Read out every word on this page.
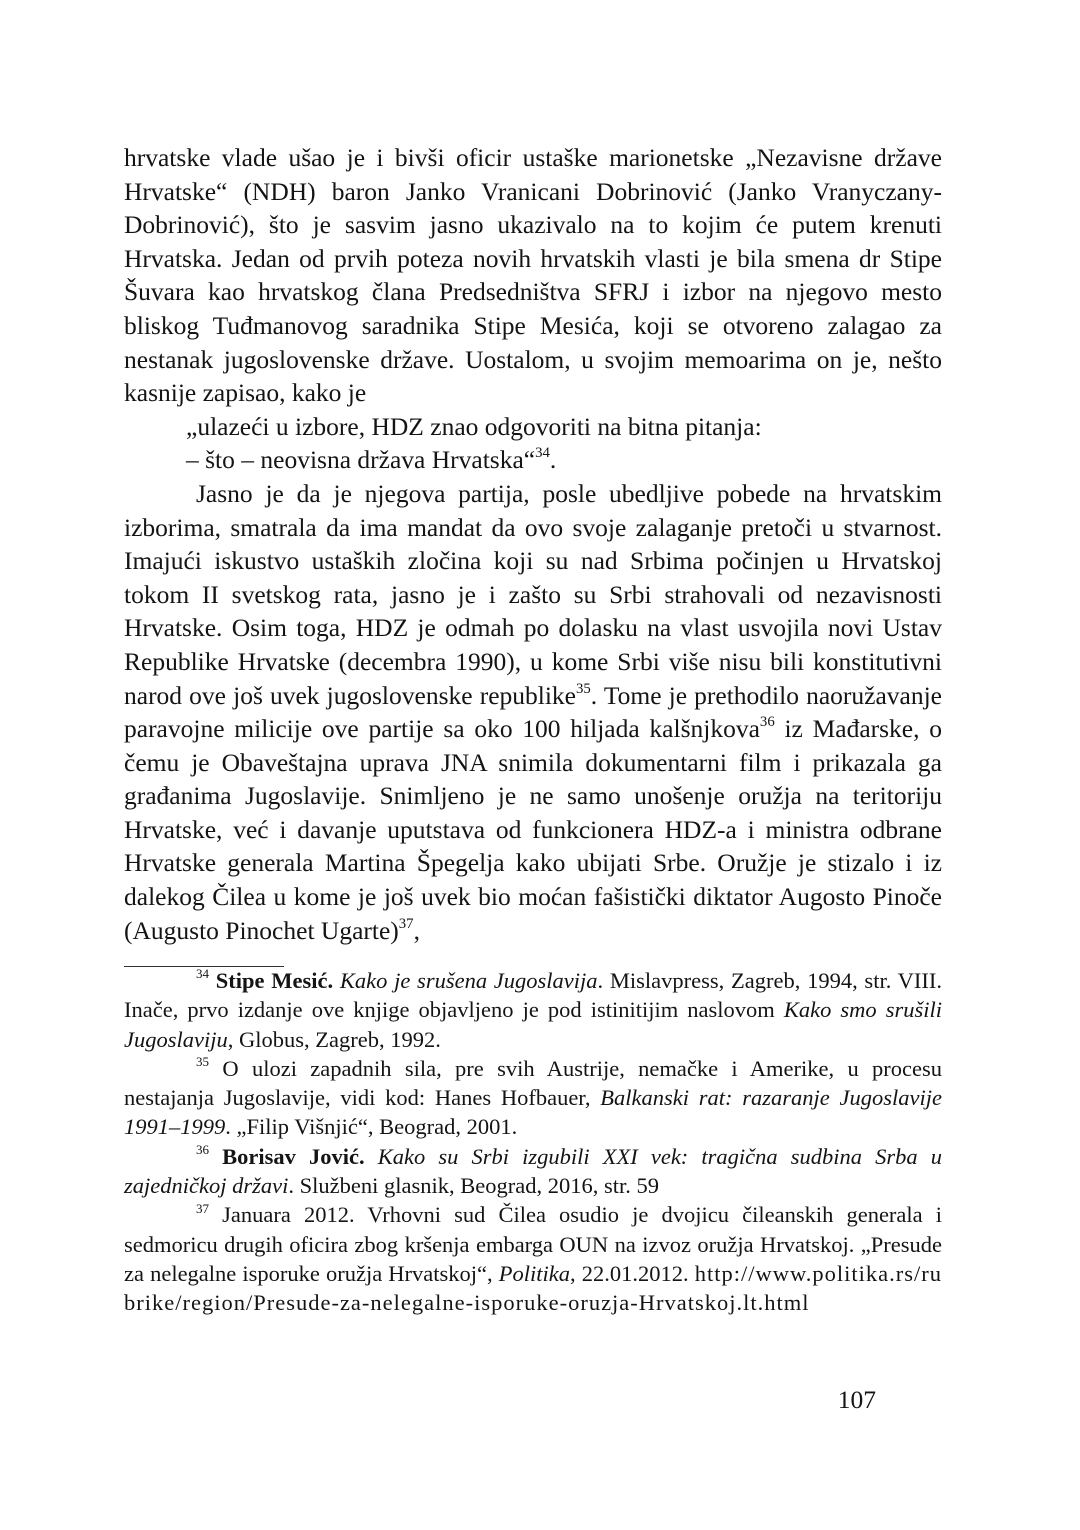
hrvatske vlade ušao je i bivši oficir ustaške marionetske „Nezavisne države Hrvatske“ (NDH) baron Janko Vranicani Dobrinović (Janko Vranyczany-Dobrinović), što je sasvim jasno ukazivalo na to kojim će putem krenuti Hrvatska. Jedan od prvih poteza novih hrvatskih vlasti je bila smena dr Stipe Šuvara kao hrvatskog člana Predsedništva SFRJ i izbor na njegovo mesto bliskog Tuđmanovog saradnika Stipe Mesića, koji se otvoreno zalagao za nestanak jugoslovenske države. Uostalom, u svojim memoarima on je, nešto kasnije zapisao, kako je

„ulazeći u izbore, HDZ znao odgovoriti na bitna pitanja:

– što – neovisna država Hrvatska“$^{34}$.

Jasno je da je njegova partija, posle ubedljive pobede na hrvatskim izborima, smatrala da ima mandat da ovo svoje zalaganje pretoči u stvarnost. Imajući iskustvo ustaških zločina koji su nad Srbima počinjen u Hrvatskoj tokom II svetskog rata, jasno je i zašto su Srbi strahovali od nezavisnosti Hrvatske. Osim toga, HDZ je odmah po dolasku na vlast usvojila novi Ustav Republike Hrvatske (decembra 1990), u kome Srbi više nisu bili konstitutivni narod ove još uvek jugoslovenske republike$^{35}$. Tome je prethodilo naoružavanje paravojne milicije ove partije sa oko 100 hiljada kalšnjkova$^{36}$ iz Mađarske, o čemu je Obaveštajna uprava JNA snimila dokumentarni film i prikazala ga građanima Jugoslavije. Snimljeno je ne samo unošenje oružja na teritoriju Hrvatske, već i davanje uputstava od funkcionera HDZ-a i ministra odbrane Hrvatske generala Martina Špegelja kako ubijati Srbe. Oružje je stizalo i iz dalekog Čilea u kome je još uvek bio moćan fašistički diktator Augosto Pinoče (Augusto Pinochet Ugarte)$^{37}$,

$^{34}$ Stipe Mesić. Kako je srušena Jugoslavija. Mislavpress, Zagreb, 1994, str. VIII. Inače, prvo izdanje ove knjige objavljeno je pod istinitijim naslovom Kako smo srušili Jugoslaviju, Globus, Zagreb, 1992.

$^{35}$ O ulozi zapadnih sila, pre svih Austrije, nemačke i Amerike, u procesu nestajanja Jugoslavije, vidi kod: Hanes Hofbauer, Balkanski rat: razaranje Jugoslavije 1991–1999. „Filip Višnjić“, Beograd, 2001.

$^{36}$ Borisav Jović. Kako su Srbi izgubili XXI vek: tragična sudbina Srba u zajedničkoj državi. Službeni glasnik, Beograd, 2016, str. 59

$^{37}$ Januara 2012. Vrhovni sud Čilea osudio je dvojicu čileanskih generala i sedmoricu drugih oficira zbog kršenja embarga OUN na izvoz oružja Hrvatskoj. „Presude za nelegalne isporuke oružja Hrvatskoj“, Politika, 22.01.2012. http://www.politika.rs/rubrike/region/Presude-za-nelegalne-isporuke-oruzja-Hrvatskoj.lt.html

107
